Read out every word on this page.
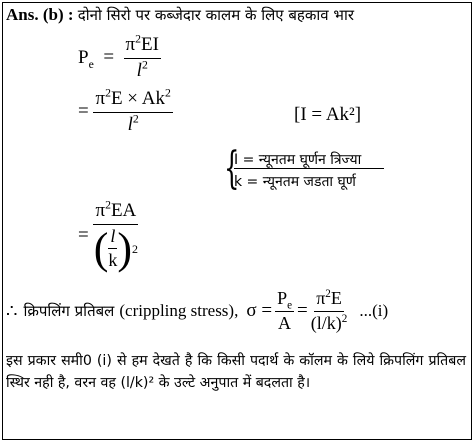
Ans. (b) : दोनो सिरो पर कब्जेदार कालम के लिए बहकाव भार
$P_e = \frac{\pi^2EI}{l^2}$
= $\frac{\pi^2E \times Ak^2}{l^2}$	[I = Ak²]
{
I = न्यूनतम घूर्णन त्रिज्या
k = न्यूनतम जडता घूर्ण
=
$\pi^2EA$
( $\frac{l}{k}$ ) 2
∴ क्रिपलिंग प्रतिबल (crippling stress), $\sigma = \frac{P_e}{A} = \frac{\pi^2E}{(l/k)^2} ...(i)$
इस प्रकार समी0 (i) से हम देखते है कि किसी पदार्थ के कॉलम के लिये क्रिपलिंग प्रतिबल स्थिर नही है, वरन वह (l/k)² के उल्टे अनुपात में बदलता है।
